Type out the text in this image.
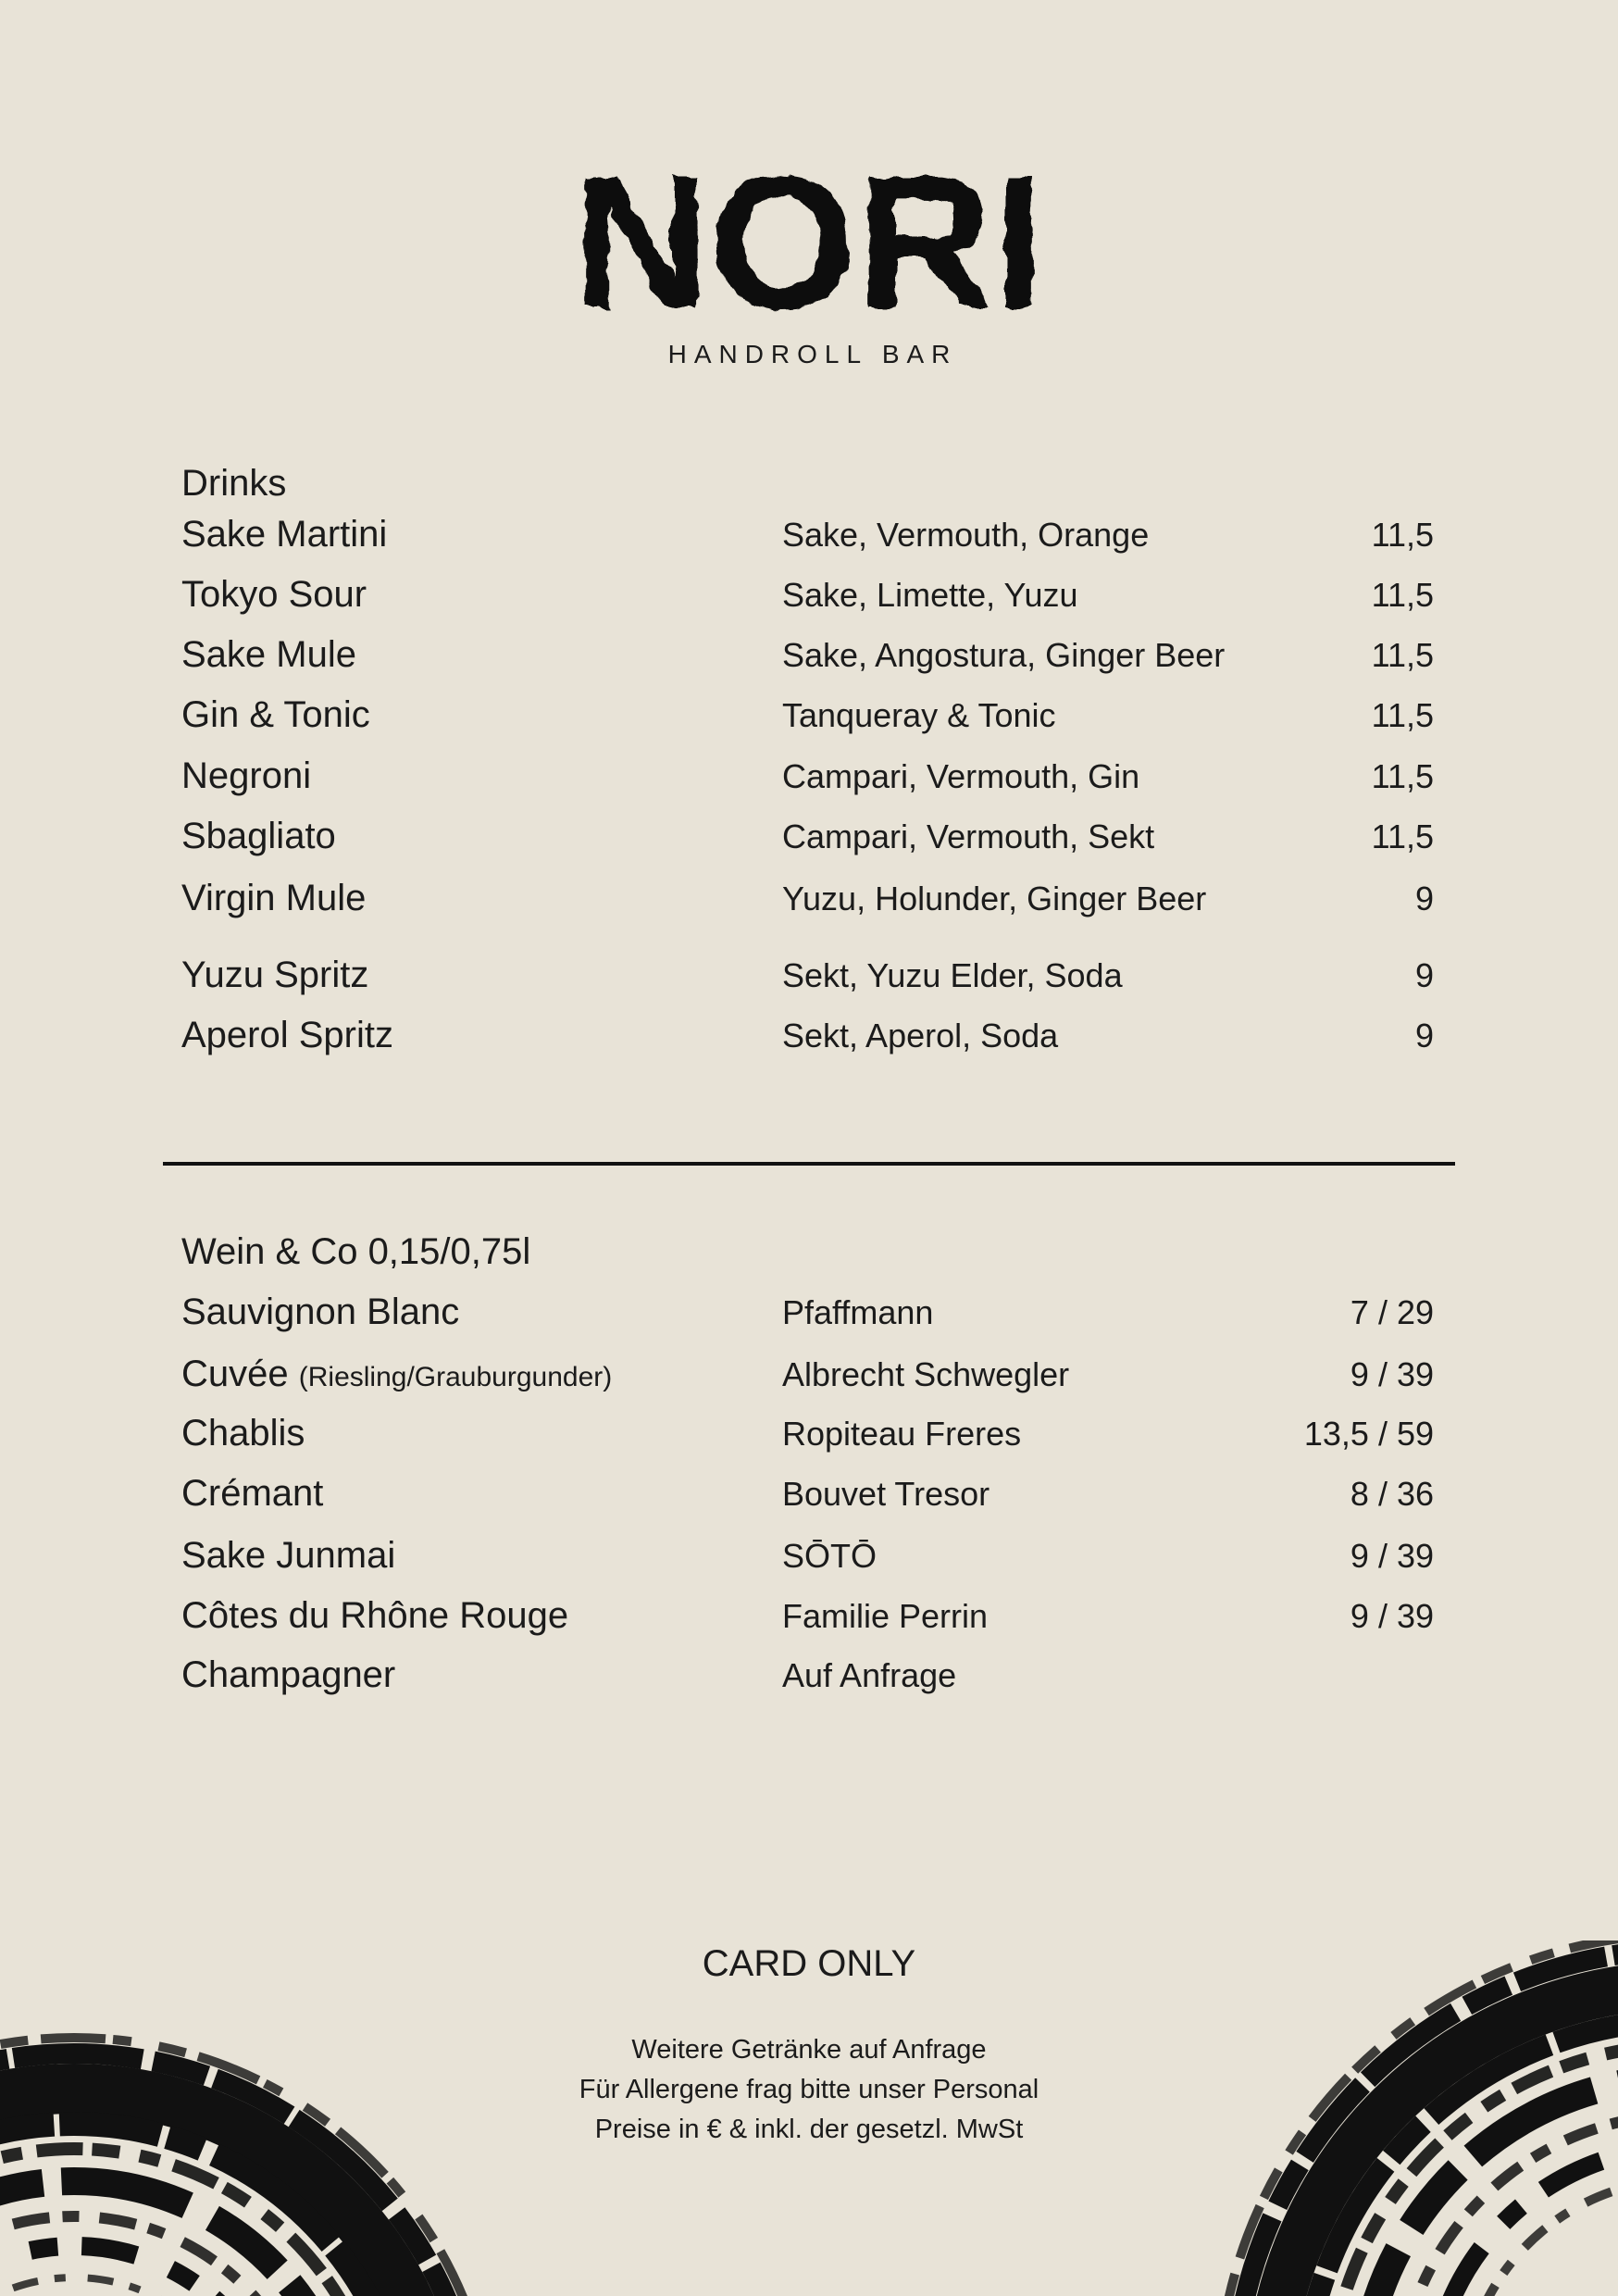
NORI
HANDROLL BAR
Drinks
Sake Martini	Sake, Vermouth, Orange	11,5
Tokyo Sour	Sake, Limette, Yuzu	11,5
Sake Mule	Sake, Angostura, Ginger Beer	11,5
Gin & Tonic	Tanqueray & Tonic	11,5
Negroni	Campari, Vermouth, Gin	11,5
Sbagliato	Campari, Vermouth, Sekt	11,5
Virgin Mule	Yuzu, Holunder, Ginger Beer	9
Yuzu Spritz	Sekt, Yuzu Elder, Soda	9
Aperol Spritz	Sekt, Aperol, Soda	9
Wein & Co 0,15/0,75l
Sauvignon Blanc	Pfaffmann	7 / 29
Cuvée (Riesling/Grauburgunder)	Albrecht Schwegler	9 / 39
Chablis	Ropiteau Freres	13,5 / 59
Crémant	Bouvet Tresor	8 / 36
Sake Junmai	SŌTŌ	9 / 39
Côtes du Rhône Rouge	Familie Perrin	9 / 39
Champagner	Auf Anfrage
CARD ONLY
Weitere Getränke auf Anfrage
Für Allergene frag bitte unser Personal
Preise in € & inkl. der gesetzl. MwSt
